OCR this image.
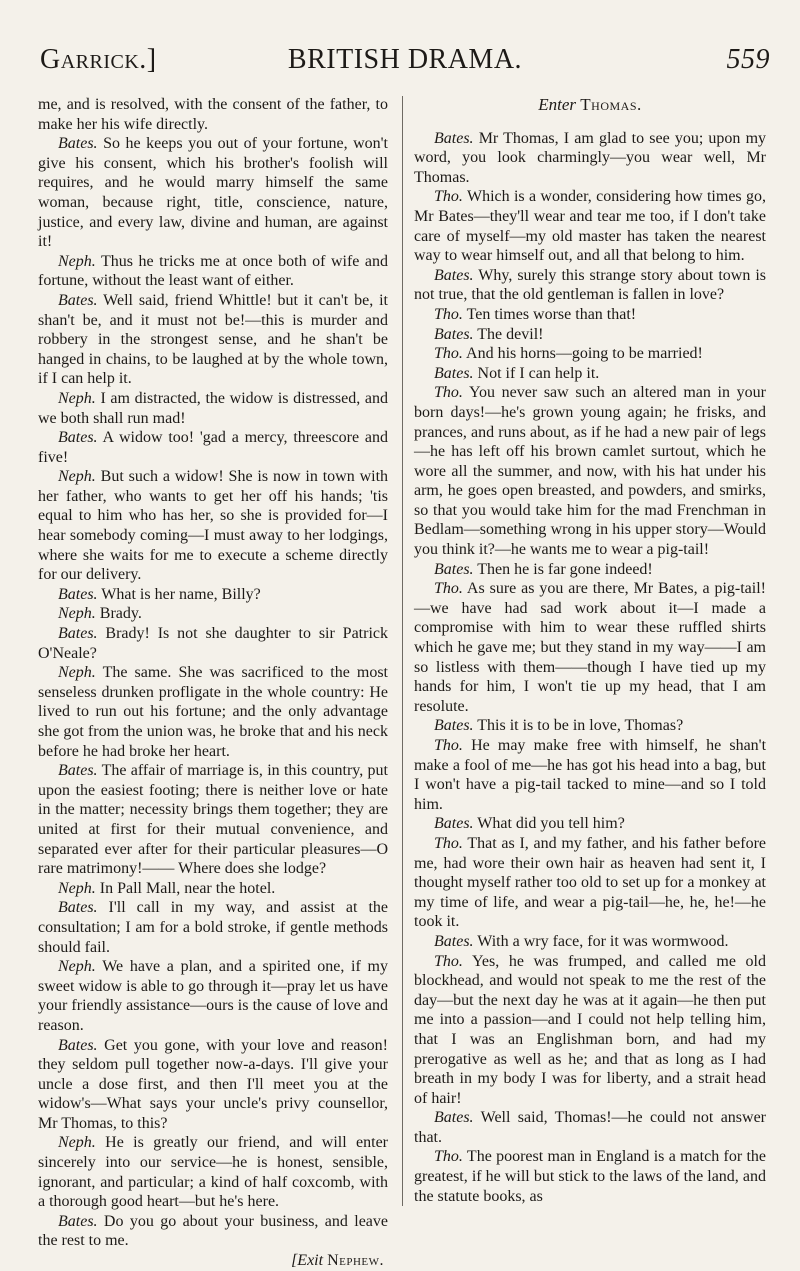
Garrick.]	BRITISH DRAMA.	559

me, and is resolved, with the consent of the father, to make her his wife directly.

Bates. So he keeps you out of your fortune, won't give his consent, which his brother's foolish will requires, and he would marry himself the same woman, because right, title, conscience, nature, justice, and every law, divine and human, are against it!

Neph. Thus he tricks me at once both of wife and fortune, without the least want of either.

Bates. Well said, friend Whittle! but it can't be, it shan't be, and it must not be!—this is murder and robbery in the strongest sense, and he shan't be hanged in chains, to be laughed at by the whole town, if I can help it.

Neph. I am distracted, the widow is distressed, and we both shall run mad!

Bates. A widow too! 'gad a mercy, threescore and five!

Neph. But such a widow! She is now in town with her father, who wants to get her off his hands; 'tis equal to him who has her, so she is provided for—I hear somebody coming—I must away to her lodgings, where she waits for me to execute a scheme directly for our delivery.

Bates. What is her name, Billy?

Neph. Brady.

Bates. Brady! Is not she daughter to sir Patrick O'Neale?

Neph. The same. She was sacrificed to the most senseless drunken profligate in the whole country: He lived to run out his fortune; and the only advantage she got from the union was, he broke that and his neck before he had broke her heart.

Bates. The affair of marriage is, in this country, put upon the easiest footing; there is neither love or hate in the matter; necessity brings them together; they are united at first for their mutual convenience, and separated ever after for their particular pleasures—O rare matrimony!—— Where does she lodge?

Neph. In Pall Mall, near the hotel.

Bates. I'll call in my way, and assist at the consultation; I am for a bold stroke, if gentle methods should fail.

Neph. We have a plan, and a spirited one, if my sweet widow is able to go through it—pray let us have your friendly assistance—ours is the cause of love and reason.

Bates. Get you gone, with your love and reason! they seldom pull together now-a-days. I'll give your uncle a dose first, and then I'll meet you at the widow's—What says your uncle's privy counsellor, Mr Thomas, to this?

Neph. He is greatly our friend, and will enter sincerely into our service—he is honest, sensible, ignorant, and particular; a kind of half coxcomb, with a thorough good heart—but he's here.

Bates. Do you go about your business, and leave the rest to me.

[Exit Nephew.

Enter Thomas.

Bates. Mr Thomas, I am glad to see you; upon my word, you look charmingly—you wear well, Mr Thomas.

Tho. Which is a wonder, considering how times go, Mr Bates—they'll wear and tear me too, if I don't take care of myself—my old master has taken the nearest way to wear himself out, and all that belong to him.

Bates. Why, surely this strange story about town is not true, that the old gentleman is fallen in love?

Tho. Ten times worse than that!

Bates. The devil!

Tho. And his horns—going to be married!

Bates. Not if I can help it.

Tho. You never saw such an altered man in your born days!—he's grown young again; he frisks, and prances, and runs about, as if he had a new pair of legs—he has left off his brown camlet surtout, which he wore all the summer, and now, with his hat under his arm, he goes open breasted, and powders, and smirks, so that you would take him for the mad Frenchman in Bedlam—something wrong in his upper story—Would you think it?—he wants me to wear a pig-tail!

Bates. Then he is far gone indeed!

Tho. As sure as you are there, Mr Bates, a pig-tail!—we have had sad work about it—I made a compromise with him to wear these ruffled shirts which he gave me; but they stand in my way——I am so listless with them——though I have tied up my hands for him, I won't tie up my head, that I am resolute.

Bates. This it is to be in love, Thomas?

Tho. He may make free with himself, he shan't make a fool of me—he has got his head into a bag, but I won't have a pig-tail tacked to mine—and so I told him.

Bates. What did you tell him?

Tho. That as I, and my father, and his father before me, had wore their own hair as heaven had sent it, I thought myself rather too old to set up for a monkey at my time of life, and wear a pig-tail—he, he, he!—he took it.

Bates. With a wry face, for it was wormwood.

Tho. Yes, he was frumped, and called me old blockhead, and would not speak to me the rest of the day—but the next day he was at it again—he then put me into a passion—and I could not help telling him, that I was an Englishman born, and had my prerogative as well as he; and that as long as I had breath in my body I was for liberty, and a strait head of hair!

Bates. Well said, Thomas!—he could not answer that.

Tho. The poorest man in England is a match for the greatest, if he will but stick to the laws of the land, and the statute books, as
